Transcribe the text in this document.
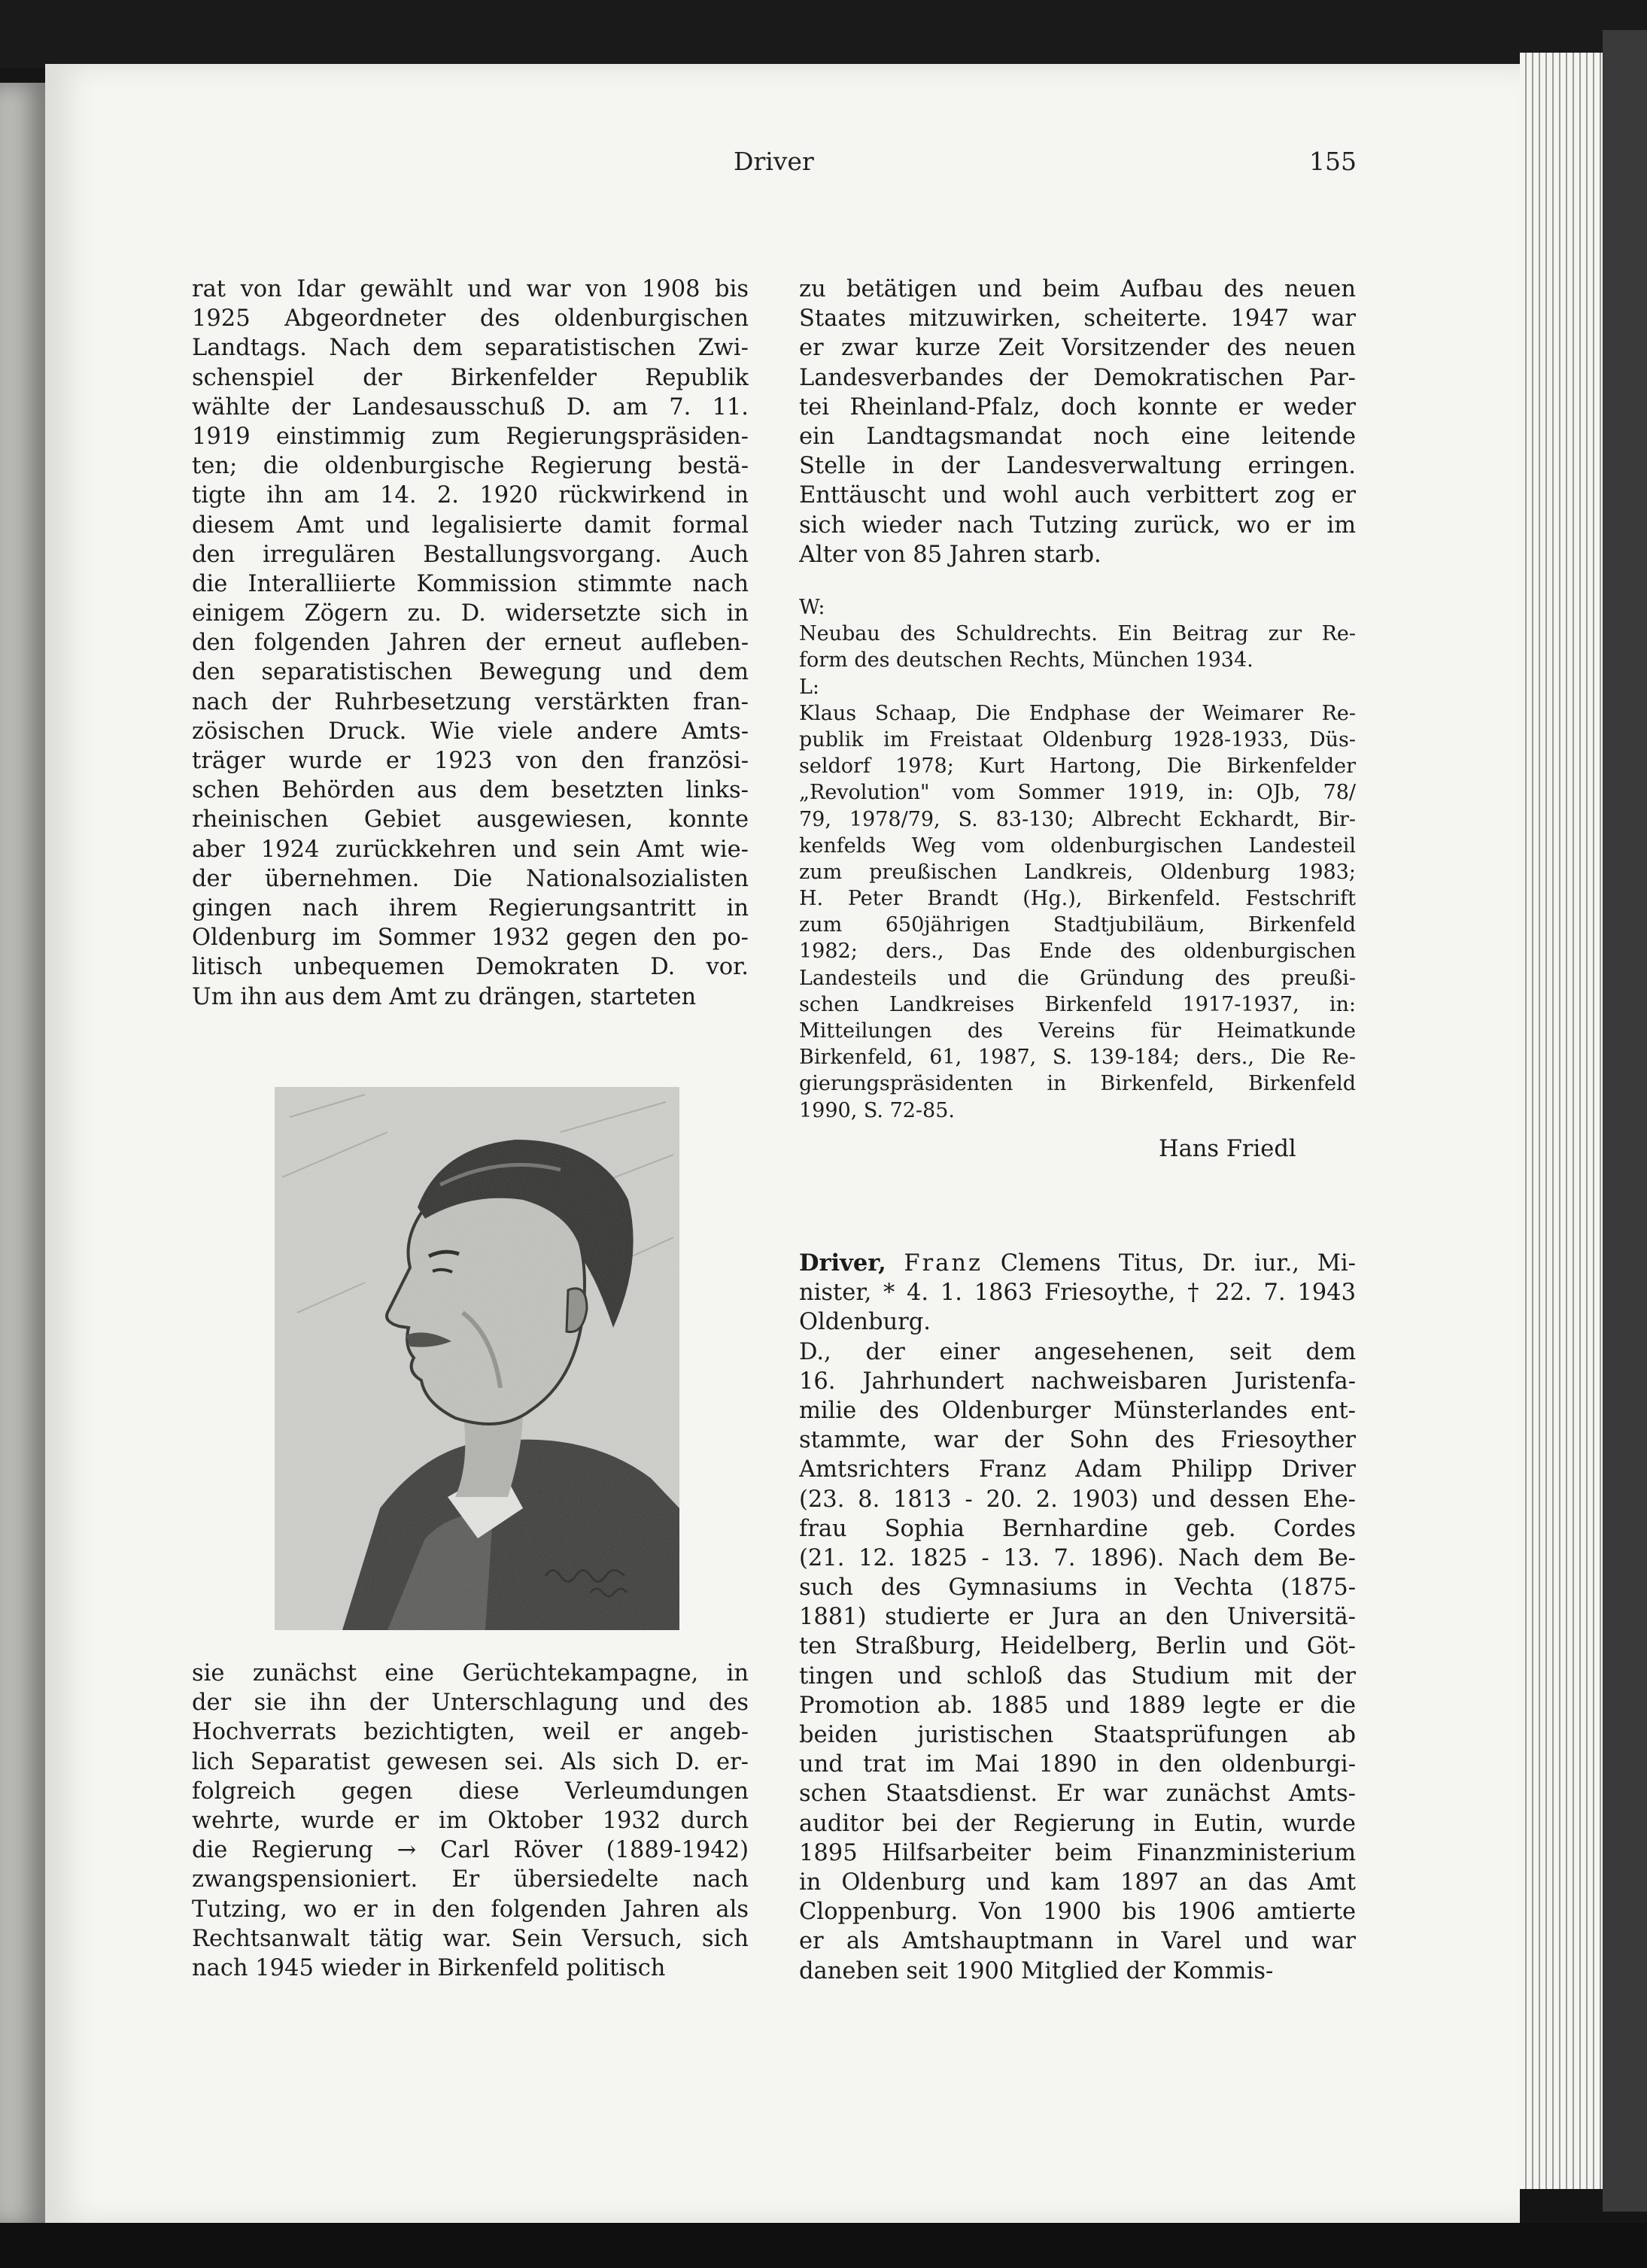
Driver	155
rat von Idar gewählt und war von 1908 bis
1925 Abgeordneter des oldenburgischen
Landtags. Nach dem separatistischen Zwi-
schenspiel der Birkenfelder Republik
wählte der Landesausschuß D. am 7. 11.
1919 einstimmig zum Regierungspräsiden-
ten; die oldenburgische Regierung bestä-
tigte ihn am 14. 2. 1920 rückwirkend in
diesem Amt und legalisierte damit formal
den irregulären Bestallungsvorgang. Auch
die Interalliierte Kommission stimmte nach
einigem Zögern zu. D. widersetzte sich in
den folgenden Jahren der erneut aufleben-
den separatistischen Bewegung und dem
nach der Ruhrbesetzung verstärkten fran-
zösischen Druck. Wie viele andere Amts-
träger wurde er 1923 von den französi-
schen Behörden aus dem besetzten links-
rheinischen Gebiet ausgewiesen, konnte
aber 1924 zurückkehren und sein Amt wie-
der übernehmen. Die Nationalsozialisten
gingen nach ihrem Regierungsantritt in
Oldenburg im Sommer 1932 gegen den po-
litisch unbequemen Demokraten D. vor.
Um ihn aus dem Amt zu drängen, starteten
sie zunächst eine Gerüchtekampagne, in
der sie ihn der Unterschlagung und des
Hochverrats bezichtigten, weil er angeb-
lich Separatist gewesen sei. Als sich D. er-
folgreich gegen diese Verleumdungen
wehrte, wurde er im Oktober 1932 durch
die Regierung → Carl Röver (1889-1942)
zwangspensioniert. Er übersiedelte nach
Tutzing, wo er in den folgenden Jahren als
Rechtsanwalt tätig war. Sein Versuch, sich
nach 1945 wieder in Birkenfeld politisch
zu betätigen und beim Aufbau des neuen
Staates mitzuwirken, scheiterte. 1947 war
er zwar kurze Zeit Vorsitzender des neuen
Landesverbandes der Demokratischen Par-
tei Rheinland-Pfalz, doch konnte er weder
ein Landtagsmandat noch eine leitende
Stelle in der Landesverwaltung erringen.
Enttäuscht und wohl auch verbittert zog er
sich wieder nach Tutzing zurück, wo er im
Alter von 85 Jahren starb.
W:
Neubau des Schuldrechts. Ein Beitrag zur Re-
form des deutschen Rechts, München 1934.
L:
Klaus Schaap, Die Endphase der Weimarer Re-
publik im Freistaat Oldenburg 1928-1933, Düs-
seldorf 1978; Kurt Hartong, Die Birkenfelder
„Revolution" vom Sommer 1919, in: OJb, 78/
79, 1978/79, S. 83-130; Albrecht Eckhardt, Bir-
kenfelds Weg vom oldenburgischen Landesteil
zum preußischen Landkreis, Oldenburg 1983;
H. Peter Brandt (Hg.), Birkenfeld. Festschrift
zum 650jährigen Stadtjubiläum, Birkenfeld
1982; ders., Das Ende des oldenburgischen
Landesteils und die Gründung des preußi-
schen Landkreises Birkenfeld 1917-1937, in:
Mitteilungen des Vereins für Heimatkunde
Birkenfeld, 61, 1987, S. 139-184; ders., Die Re-
gierungspräsidenten in Birkenfeld, Birkenfeld
1990, S. 72-85.
Hans Friedl
Driver, Franz Clemens Titus, Dr. iur., Mi-
nister, * 4. 1. 1863 Friesoythe, † 22. 7. 1943
Oldenburg.
D., der einer angesehenen, seit dem
16. Jahrhundert nachweisbaren Juristenfa-
milie des Oldenburger Münsterlandes ent-
stammte, war der Sohn des Friesoyther
Amtsrichters Franz Adam Philipp Driver
(23. 8. 1813 - 20. 2. 1903) und dessen Ehe-
frau Sophia Bernhardine geb. Cordes
(21. 12. 1825 - 13. 7. 1896). Nach dem Be-
such des Gymnasiums in Vechta (1875-
1881) studierte er Jura an den Universitä-
ten Straßburg, Heidelberg, Berlin und Göt-
tingen und schloß das Studium mit der
Promotion ab. 1885 und 1889 legte er die
beiden juristischen Staatsprüfungen ab
und trat im Mai 1890 in den oldenburgi-
schen Staatsdienst. Er war zunächst Amts-
auditor bei der Regierung in Eutin, wurde
1895 Hilfsarbeiter beim Finanzministerium
in Oldenburg und kam 1897 an das Amt
Cloppenburg. Von 1900 bis 1906 amtierte
er als Amtshauptmann in Varel und war
daneben seit 1900 Mitglied der Kommis-
